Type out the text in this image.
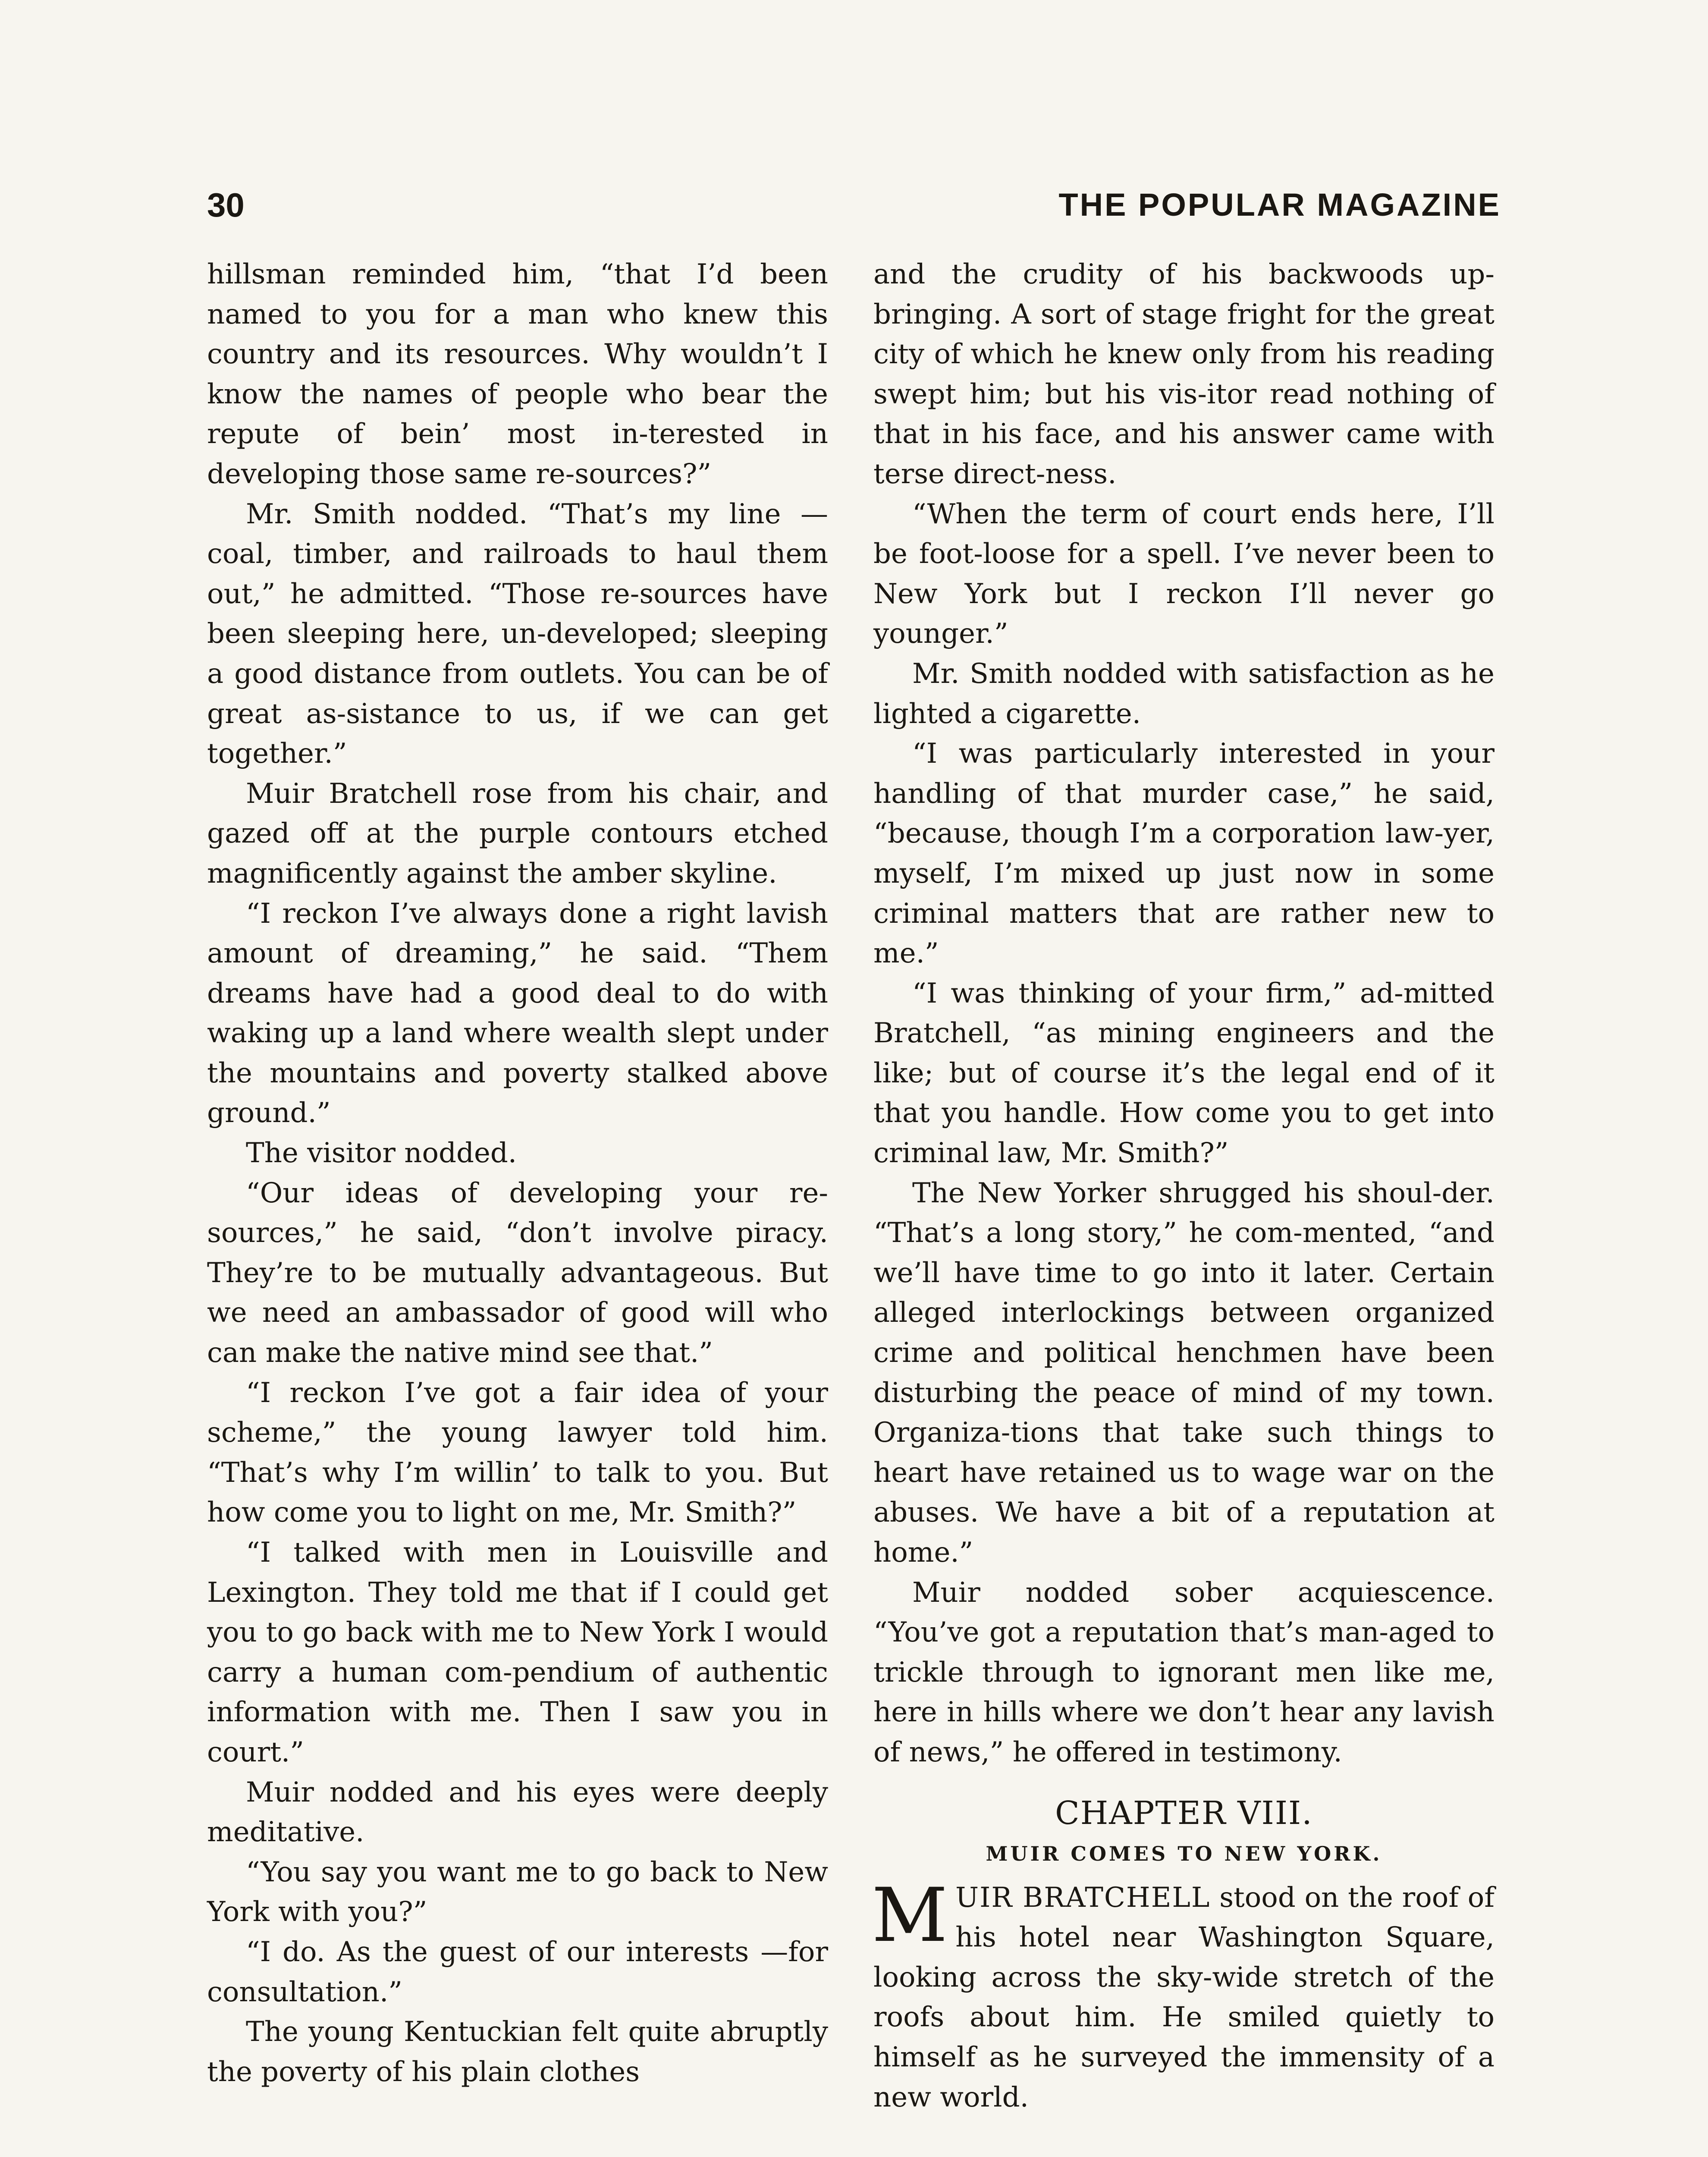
30	THE POPULAR MAGAZINE

hillsman reminded him, “that I’d been named to you for a man who knew this country and its resources. Why wouldn’t I know the names of people who bear the repute of bein’ most in-terested in developing those same re-sources?”

Mr. Smith nodded. “That’s my line —coal, timber, and railroads to haul them out,” he admitted. “Those re-sources have been sleeping here, un-developed; sleeping a good distance from outlets. You can be of great as-sistance to us, if we can get together.”

Muir Bratchell rose from his chair, and gazed off at the purple contours etched magnificently against the amber skyline.

“I reckon I’ve always done a right lavish amount of dreaming,” he said. “Them dreams have had a good deal to do with waking up a land where wealth slept under the mountains and poverty stalked above ground.”

The visitor nodded.

“Our ideas of developing your re-sources,” he said, “don’t involve piracy. They’re to be mutually advantageous. But we need an ambassador of good will who can make the native mind see that.”

“I reckon I’ve got a fair idea of your scheme,” the young lawyer told him. “That’s why I’m willin’ to talk to you. But how come you to light on me, Mr. Smith?”

“I talked with men in Louisville and Lexington. They told me that if I could get you to go back with me to New York I would carry a human com-pendium of authentic information with me. Then I saw you in court.”

Muir nodded and his eyes were deeply meditative.

“You say you want me to go back to New York with you?”

“I do. As the guest of our interests —for consultation.”

The young Kentuckian felt quite abruptly the poverty of his plain clothes

and the crudity of his backwoods up-bringing. A sort of stage fright for the great city of which he knew only from his reading swept him; but his vis-itor read nothing of that in his face, and his answer came with terse direct-ness.

“When the term of court ends here, I’ll be foot-loose for a spell. I’ve never been to New York but I reckon I’ll never go younger.”

Mr. Smith nodded with satisfaction as he lighted a cigarette.

“I was particularly interested in your handling of that murder case,” he said, “because, though I’m a corporation law-yer, myself, I’m mixed up just now in some criminal matters that are rather new to me.”

“I was thinking of your firm,” ad-mitted Bratchell, “as mining engineers and the like; but of course it’s the legal end of it that you handle. How come you to get into criminal law, Mr. Smith?”

The New Yorker shrugged his shoul-der. “That’s a long story,” he com-mented, “and we’ll have time to go into it later. Certain alleged interlockings between organized crime and political henchmen have been disturbing the peace of mind of my town. Organiza-tions that take such things to heart have retained us to wage war on the abuses. We have a bit of a reputation at home.”

Muir nodded sober acquiescence. “You’ve got a reputation that’s man-aged to trickle through to ignorant men like me, here in hills where we don’t hear any lavish of news,” he offered in testimony.

CHAPTER VIII.
MUIR COMES TO NEW YORK.

MUIR BRATCHELL stood on the roof of his hotel near Washington Square, looking across the sky-wide stretch of the roofs about him. He smiled quietly to himself as he surveyed the immensity of a new world.
